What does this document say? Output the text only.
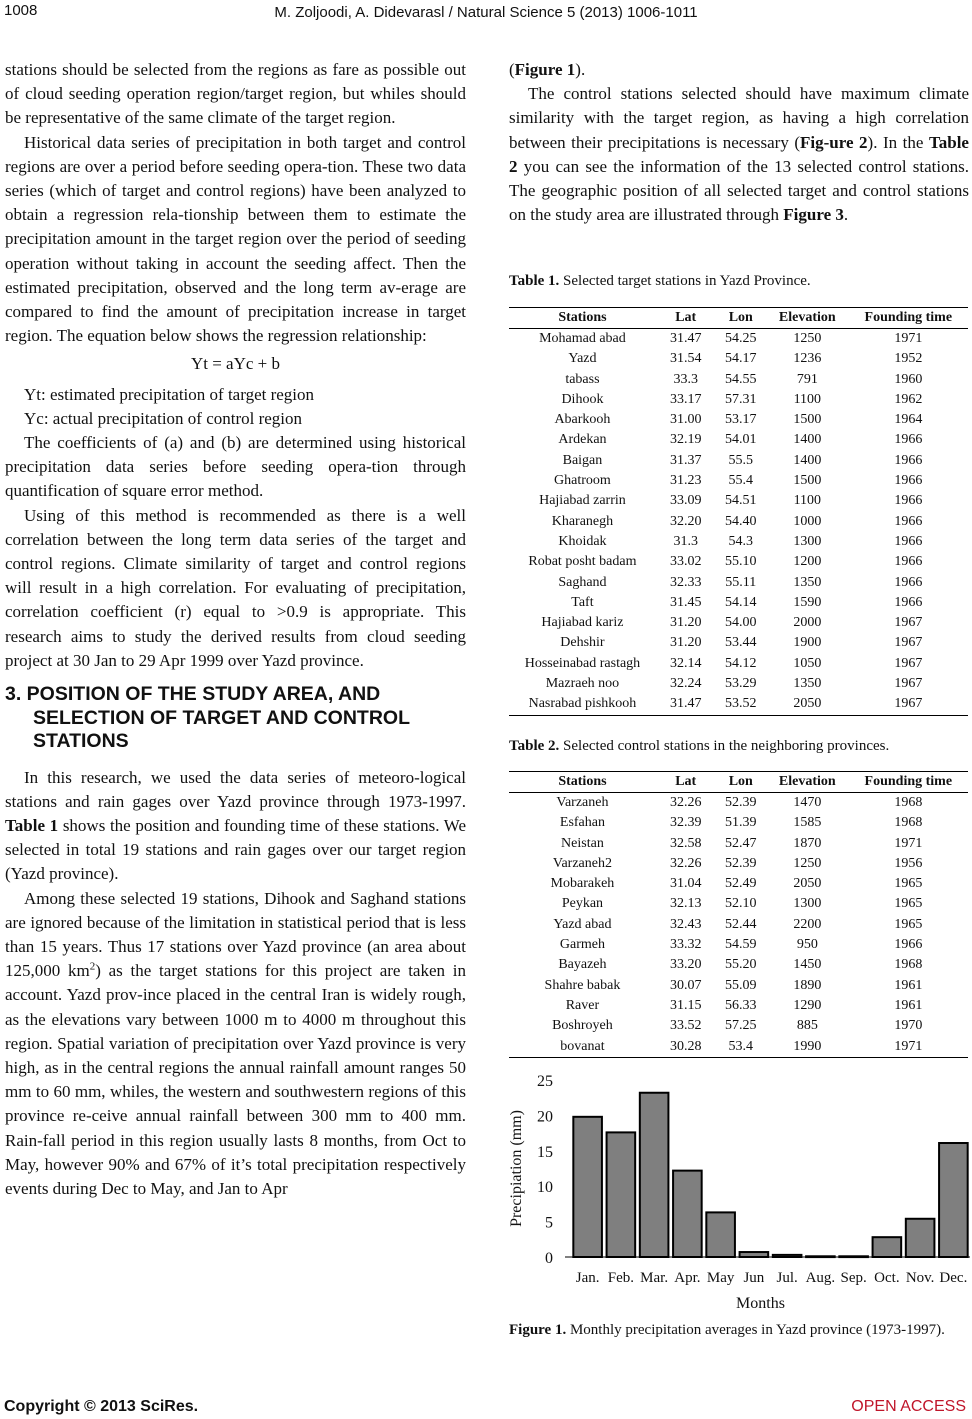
1008	M. Zoljoodi, A. Didevarasl / Natural Science 5 (2013) 1006-1011

stations should be selected from the regions as fare as possible out of cloud seeding operation region/target region, but whiles should be representative of the same climate of the target region.

Historical data series of precipitation in both target and control regions are over a period before seeding opera-tion. These two data series (which of target and control regions) have been analyzed to obtain a regression rela-tionship between them to estimate the precipitation amount in the target region over the period of seeding operation without taking in account the seeding affect. Then the estimated precipitation, observed and the long term av-erage are compared to find the amount of precipitation increase in target region. The equation below shows the regression relationship:

Yt = aYc + b

Yt: estimated precipitation of target region

Yc: actual precipitation of control region

The coefficients of (a) and (b) are determined using historical precipitation data series before seeding opera-tion through quantification of square error method.

Using of this method is recommended as there is a well correlation between the long term data series of the target and control regions. Climate similarity of target and control regions will result in a high correlation. For evaluating of precipitation, correlation coefficient (r) equal to >0.9 is appropriate. This research aims to study the derived results from cloud seeding project at 30 Jan to 29 Apr 1999 over Yazd province.

3. POSITION OF THE STUDY AREA, AND SELECTION OF TARGET AND CONTROL STATIONS

In this research, we used the data series of meteoro-logical stations and rain gages over Yazd province through 1973-1997. Table 1 shows the position and founding time of these stations. We selected in total 19 stations and rain gages over our target region (Yazd province).

Among these selected 19 stations, Dihook and Saghand stations are ignored because of the limitation in statistical period that is less than 15 years. Thus 17 stations over Yazd province (an area about 125,000 $km^2$) as the target stations for this project are taken in account. Yazd prov-ince placed in the central Iran is widely rough, as the elevations vary between 1000 m to 4000 m throughout this region. Spatial variation of precipitation over Yazd province is very high, as in the central regions the annual rainfall amount ranges 50 mm to 60 mm, whiles, the western and southwestern regions of this province re-ceive annual rainfall between 300 mm to 400 mm. Rain-fall period in this region usually lasts 8 months, from Oct to May, however 90% and 67% of it’s total precipitation respectively events during Dec to May, and Jan to Apr

(Figure 1).

The control stations selected should have maximum climate similarity with the target region, as having a high correlation between their precipitations is necessary (Fig-ure 2). In the Table 2 you can see the information of the 13 selected control stations. The geographic position of all selected target and control stations on the study area are illustrated through Figure 3.

Table 1. Selected target stations in Yazd Province.
Stations	Lat	Lon	Elevation	Founding time
Mohamad abad	31.47	54.25	1250	1971
Yazd	31.54	54.17	1236	1952
tabass	33.3	54.55	791	1960
Dihook	33.17	57.31	1100	1962
Abarkooh	31.00	53.17	1500	1964
Ardekan	32.19	54.01	1400	1966
Baigan	31.37	55.5	1400	1966
Ghatroom	31.23	55.4	1500	1966
Hajiabad zarrin	33.09	54.51	1100	1966
Kharanegh	32.20	54.40	1000	1966
Khoidak	31.3	54.3	1300	1966
Robat posht badam	33.02	55.10	1200	1966
Saghand	32.33	55.11	1350	1966
Taft	31.45	54.14	1590	1966
Hajiabad kariz	31.20	54.00	2000	1967
Dehshir	31.20	53.44	1900	1967
Hosseinabad rastagh	32.14	54.12	1050	1967
Mazraeh noo	32.24	53.29	1350	1967
Nasrabad pishkooh	31.47	53.52	2050	1967
Table 2. Selected control stations in the neighboring provinces.
Stations	Lat	Lon	Elevation	Founding time
Varzaneh	32.26	52.39	1470	1968
Esfahan	32.39	51.39	1585	1968
Neistan	32.58	52.47	1870	1971
Varzaneh2	32.26	52.39	1250	1956
Mobarakeh	31.04	52.49	2050	1965
Peykan	32.13	52.10	1300	1965
Yazd abad	32.43	52.44	2200	1965
Garmeh	33.32	54.59	950	1966
Bayazeh	33.20	55.20	1450	1968
Shahre babak	30.07	55.09	1890	1961
Raver	31.15	56.33	1290	1961
Boshroyeh	33.52	57.25	885	1970
bovanat	30.28	53.4	1990	1971
0
5
10
15
20
25
Precipiation (mm)
Jan. Feb. Mar. Apr. May Jun Jul. Aug. Sep. Oct. Nov. Dec.
Months
Figure 1. Monthly precipitation averages in Yazd province (1973-1997).
Copyright © 2013 SciRes.	OPEN ACCESS
